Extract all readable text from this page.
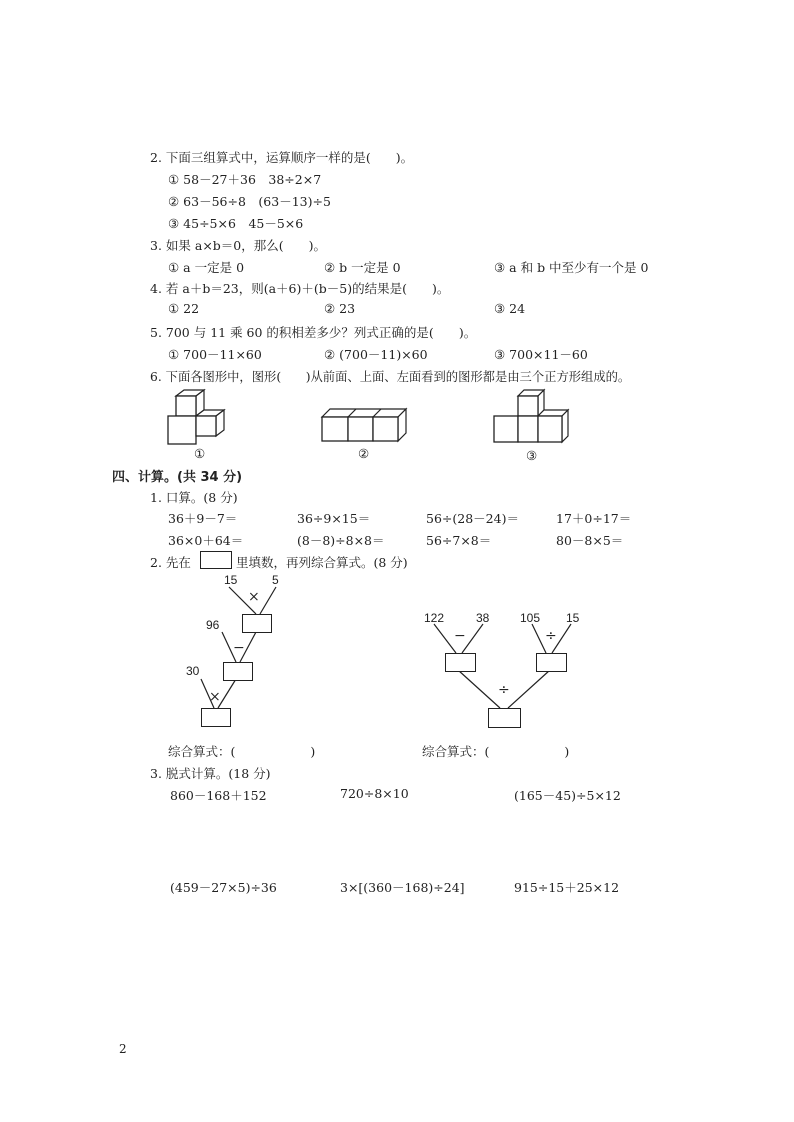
2. 下面三组算式中，运算顺序一样的是(　　)。
① 58－27＋36　38÷2×7
② 63－56÷8　(63－13)÷5
③ 45÷5×6　45－5×6
3. 如果 a×b＝0，那么(　　)。
① a 一定是 0	② b 一定是 0	③ a 和 b 中至少有一个是 0
4. 若 a＋b＝23，则(a＋6)＋(b－5)的结果是(　　)。
① 22	② 23	③ 24
5. 700 与 11 乘 60 的积相差多少？列式正确的是(　　)。
① 700－11×60	② (700－11)×60	③ 700×11－60
6. 下面各图形中，图形(　　)从前面、上面、左面看到的图形都是由三个正方形组成的。
①	②	③
四、计算。(共 34 分)
1. 口算。(8 分)
36＋9－7＝	36÷9×15＝	56÷(28－24)＝	17＋0÷17＝
36×0＋64＝	(8－8)÷8×8＝	56÷7×8＝	80－8×5＝
2. 先在	里填数，再列综合算式。(8 分)
15	5
96
30
×
−
×
122	38	105 15
−	÷
÷
综合算式：(　　　　　　)	综合算式：(　　　　　　)
3. 脱式计算。(18 分)
860－168＋152	720÷8×10	(165－45)÷5×12
(459－27×5)÷36	3×[(360－168)÷24]	915÷15＋25×12
2
